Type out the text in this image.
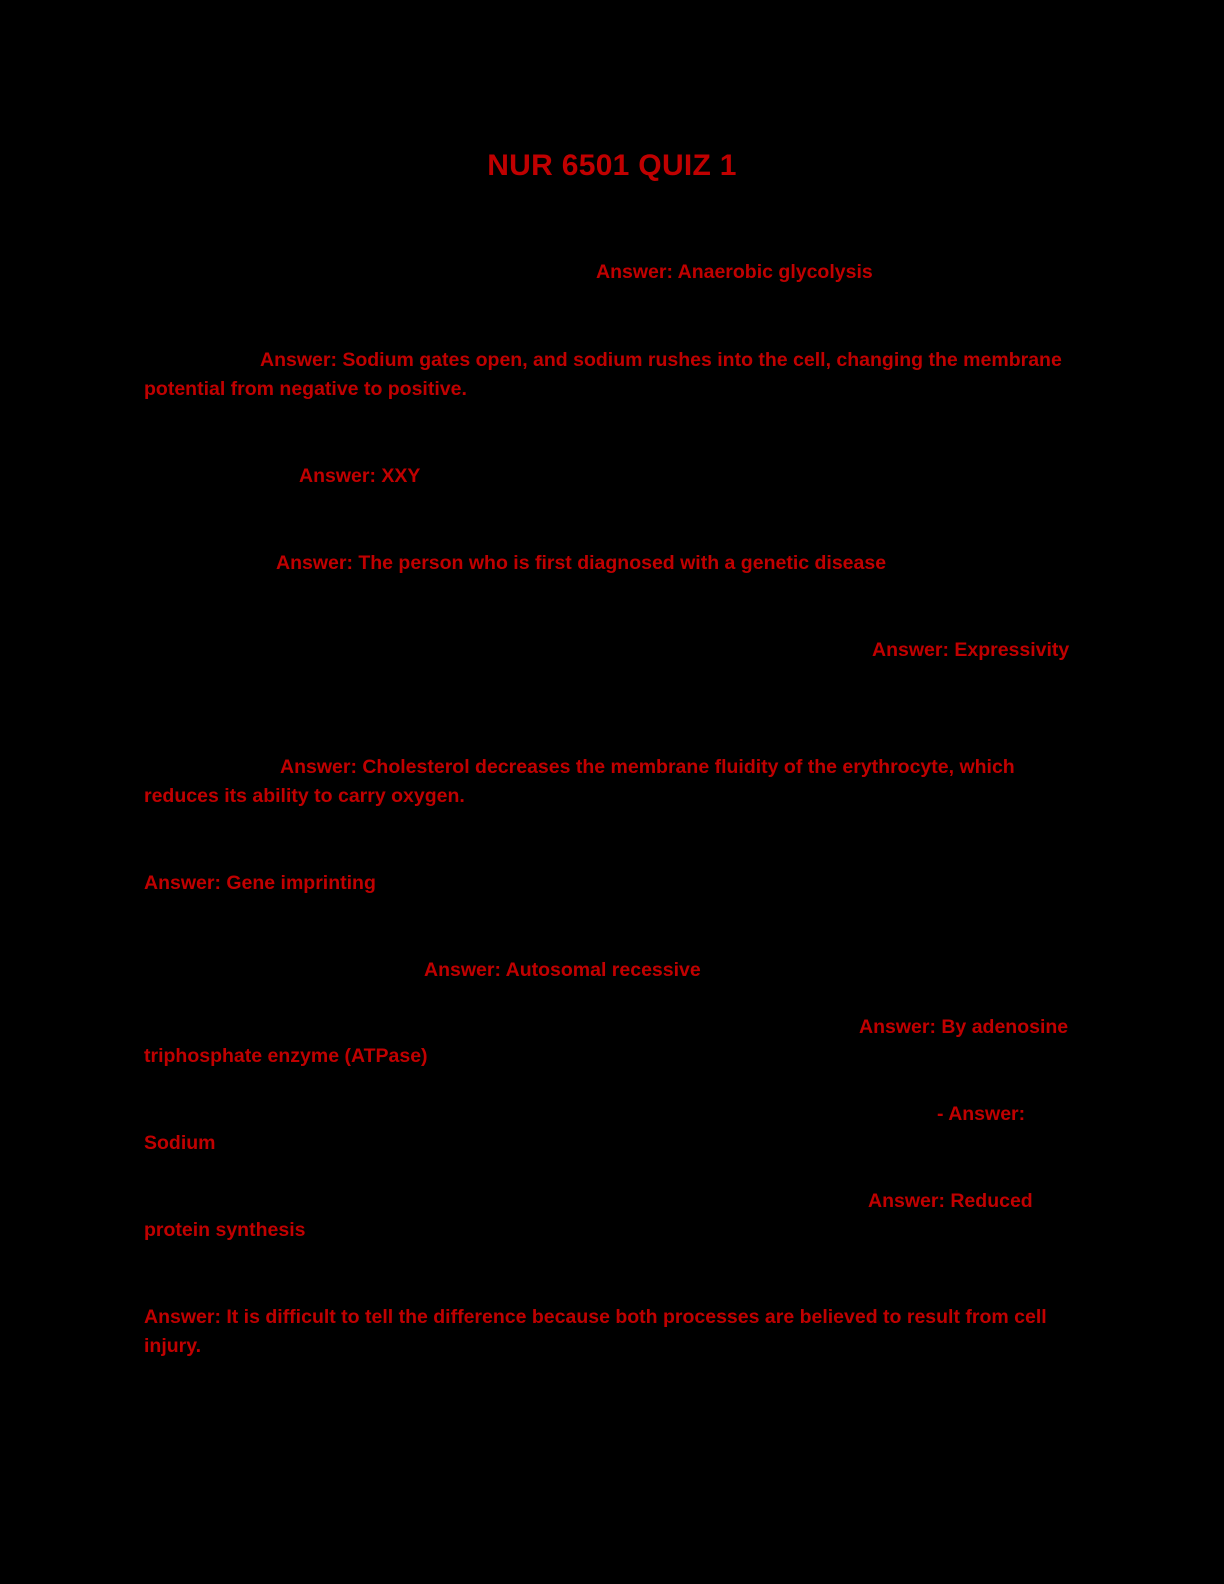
NUR 6501 QUIZ 1
Answer: Anaerobic glycolysis
Answer: Sodium gates open, and sodium rushes into the cell, changing the membrane potential from negative to positive.
Answer: XXY
Answer: The person who is first diagnosed with a genetic disease
Answer: Expressivity
Answer: Cholesterol decreases the membrane fluidity of the erythrocyte, which reduces its ability to carry oxygen.
Answer: Gene imprinting
Answer: Autosomal recessive
Answer: By adenosine triphosphate enzyme (ATPase)
- Answer: Sodium
Answer: Reduced protein synthesis
Answer: It is difficult to tell the difference because both processes are believed to result from cell injury.
